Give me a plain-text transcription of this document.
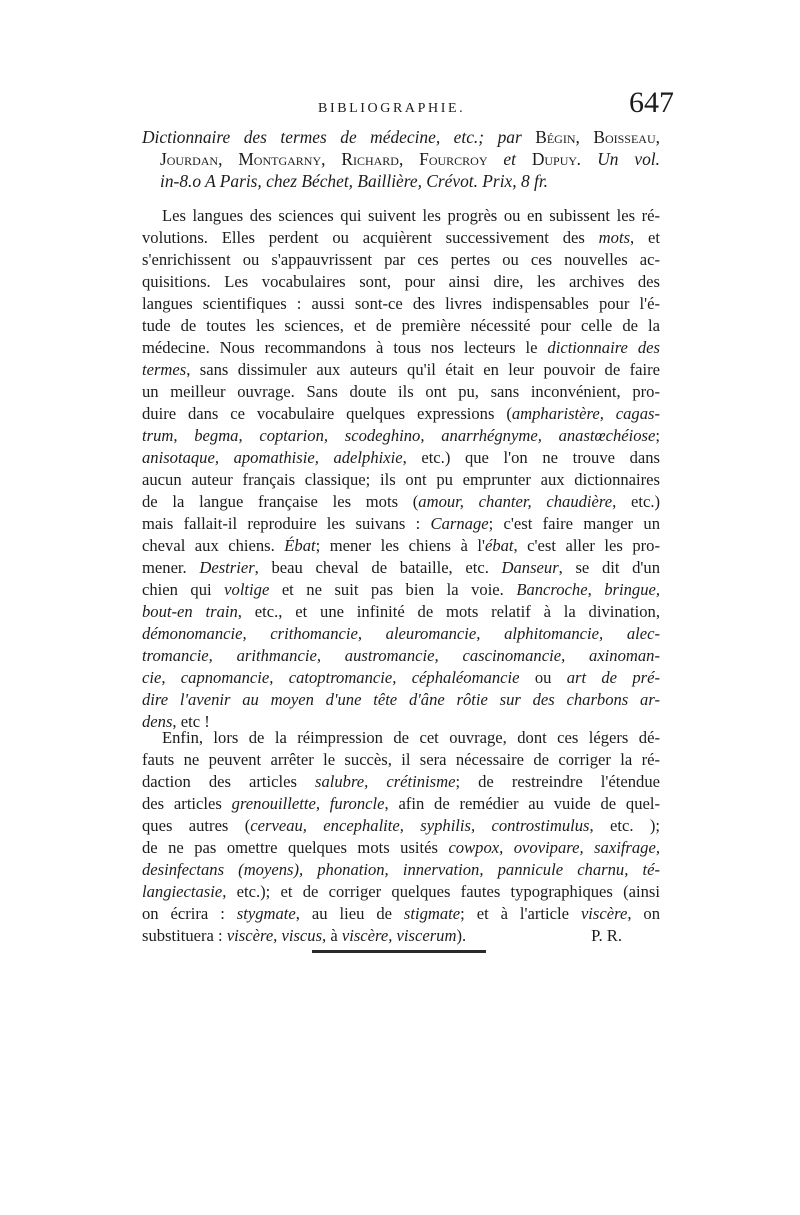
BIBLIOGRAPHIE.	647
Dictionnaire des termes de médecine, etc.; par Bégin, Boisseau,
Jourdan, Montgarny, Richard, Fourcroy et Dupuy. Un vol.
in-8.o A Paris, chez Béchet, Baillière, Crévot. Prix, 8 fr.
Les langues des sciences qui suivent les progrès ou en subissent les ré-
volutions. Elles perdent ou acquièrent successivement des mots, et
s'enrichissent ou s'appauvrissent par ces pertes ou ces nouvelles ac-
quisitions. Les vocabulaires sont, pour ainsi dire, les archives des
langues scientifiques : aussi sont-ce des livres indispensables pour l'é-
tude de toutes les sciences, et de première nécessité pour celle de la
médecine. Nous recommandons à tous nos lecteurs le dictionnaire des
termes, sans dissimuler aux auteurs qu'il était en leur pouvoir de faire
un meilleur ouvrage. Sans doute ils ont pu, sans inconvénient, pro-
duire dans ce vocabulaire quelques expressions (ampharistère, cagas-
trum, begma, coptarion, scodeghino, anarrhégnyme, anastœchéiose;
anisotaque, apomathisie, adelphixie, etc.) que l'on ne trouve dans
aucun auteur français classique; ils ont pu emprunter aux dictionnaires
de la langue française les mots (amour, chanter, chaudière, etc.)
mais fallait-il reproduire les suivans : Carnage; c'est faire manger un
cheval aux chiens. Ébat; mener les chiens à l'ébat, c'est aller les pro-
mener. Destrier, beau cheval de bataille, etc. Danseur, se dit d'un
chien qui voltige et ne suit pas bien la voie. Bancroche, bringue,
bout-en train, etc., et une infinité de mots relatif à la divination,
démonomancie, crithomancie, aleuromancie, alphitomancie, alec-
tromancie, arithmancie, austromancie, cascinomancie, axinoman-
cie, capnomancie, catoptromancie, céphaléomancie ou art de pré-
dire l'avenir au moyen d'une tête d'âne rôtie sur des charbons ar-
dens, etc !
Enfin, lors de la réimpression de cet ouvrage, dont ces légers dé-
fauts ne peuvent arrêter le succès, il sera nécessaire de corriger la ré-
daction des articles salubre, crétinisme; de restreindre l'étendue
des articles grenouillette, furoncle, afin de remédier au vuide de quel-
ques autres (cerveau, encephalite, syphilis, controstimulus, etc. );
de ne pas omettre quelques mots usités cowpox, ovovipare, saxifrage,
desinfectans (moyens), phonation, innervation, pannicule charnu, té-
langiectasie, etc.); et de corriger quelques fautes typographiques (ainsi
on écrira : stygmate, au lieu de stigmate; et à l'article viscère, on
substituera : viscère, viscus, à viscère, viscerum).	P. R.
